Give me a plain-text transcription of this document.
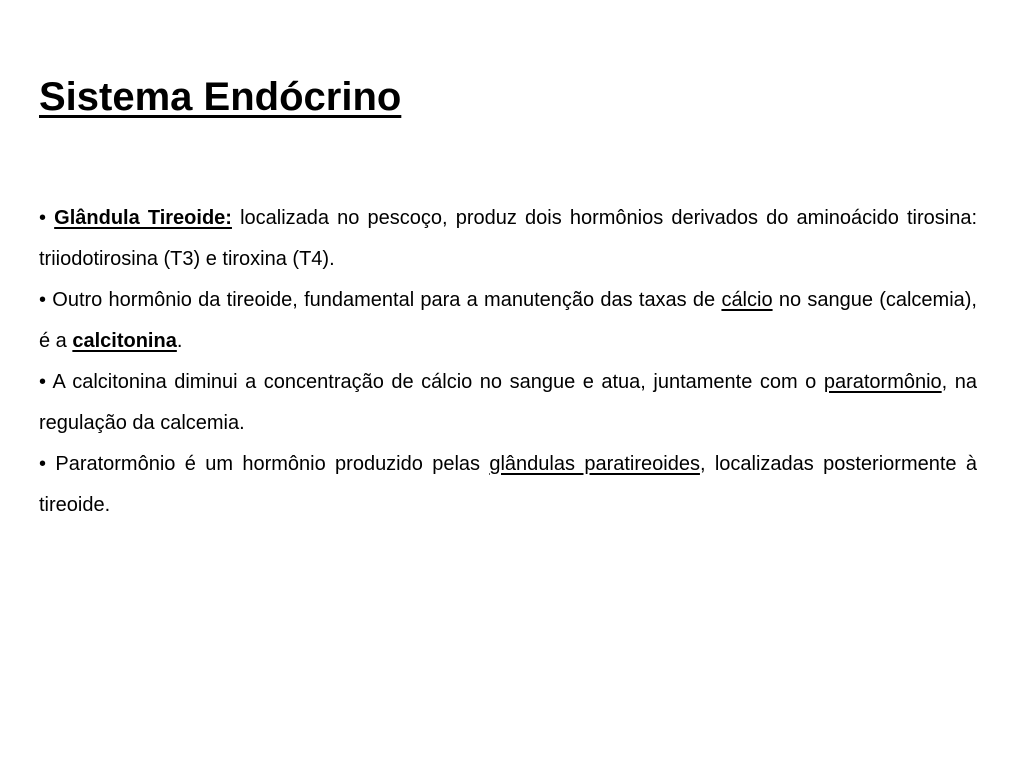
Sistema Endócrino

• Glândula Tireoide: localizada no pescoço, produz dois hormônios derivados do aminoácido tirosina: triiodotirosina (T3) e tiroxina (T4).

• Outro hormônio da tireoide, fundamental para a manutenção das taxas de cálcio no sangue (calcemia), é a calcitonina.

• A calcitonina diminui a concentração de cálcio no sangue e atua, juntamente com o paratormônio, na regulação da calcemia.

• Paratormônio é um hormônio produzido pelas glândulas paratireoides, localizadas posteriormente à tireoide.
